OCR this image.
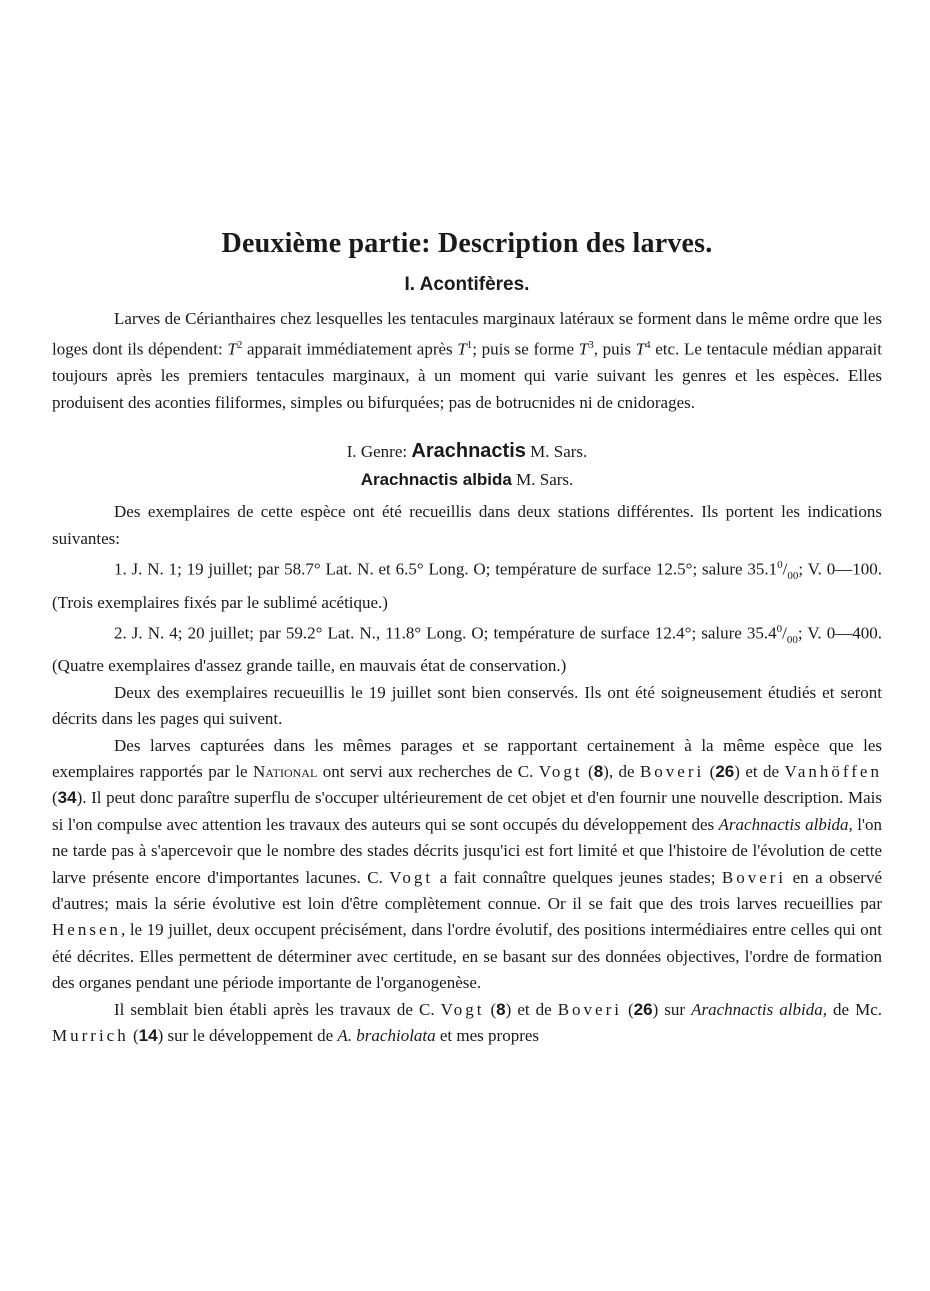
Deuxième partie: Description des larves.
I. Acontifères.

Larves de Cérianthaires chez lesquelles les tentacules marginaux latéraux se forment dans le même ordre que les loges dont ils dépendent: $T^2$ apparait immédiatement après $T^1$; puis se forme $T^3$, puis $T^4$ etc. Le tentacule médian apparait toujours après les premiers tentacules marginaux, à un moment qui varie suivant les genres et les espèces. Elles produisent des aconties filiformes, simples ou bifurquées; pas de botrucnides ni de cnidorages.

I. Genre: Arachnactis M. Sars.
Arachnactis albida M. Sars.

Des exemplaires de cette espèce ont été recueillis dans deux stations différentes. Ils portent les indications suivantes:

1. J. N. 1; 19 juillet; par 58.7° Lat. N. et 6.5° Long. O; température de surface 12.5°; salure $35.1^0/_{00}$; V. 0—100. (Trois exemplaires fixés par le sublimé acétique.)

2. J. N. 4; 20 juillet; par 59.2° Lat. N., 11.8° Long. O; température de surface 12.4°; salure $35.4^0/_{00}$; V. 0—400. (Quatre exemplaires d'assez grande taille, en mauvais état de conservation.)

Deux des exemplaires recueuillis le 19 juillet sont bien conservés. Ils ont été soigneusement étudiés et seront décrits dans les pages qui suivent.

Des larves capturées dans les mêmes parages et se rapportant certainement à la même espèce que les exemplaires rapportés par le National ont servi aux recherches de C. Vogt (8), de Boveri (26) et de Vanhöffen (34). Il peut donc paraître superflu de s'occuper ultérieurement de cet objet et d'en fournir une nouvelle description. Mais si l'on compulse avec attention les travaux des auteurs qui se sont occupés du développement des Arachnactis albida, l'on ne tarde pas à s'apercevoir que le nombre des stades décrits jusqu'ici est fort limité et que l'histoire de l'évolution de cette larve présente encore d'importantes lacunes. C. Vogt a fait connaître quelques jeunes stades; Boveri en a observé d'autres; mais la série évolutive est loin d'être complètement connue. Or il se fait que des trois larves recueillies par Hensen, le 19 juillet, deux occupent précisément, dans l'ordre évolutif, des positions intermédiaires entre celles qui ont été décrites. Elles permettent de déterminer avec certitude, en se basant sur des données objectives, l'ordre de formation des organes pendant une période importante de l'organogenèse.

Il semblait bien établi après les travaux de C. Vogt (8) et de Boveri (26) sur Arachnactis albida, de Mc. Murrich (14) sur le développement de A. brachiolata et mes propres
